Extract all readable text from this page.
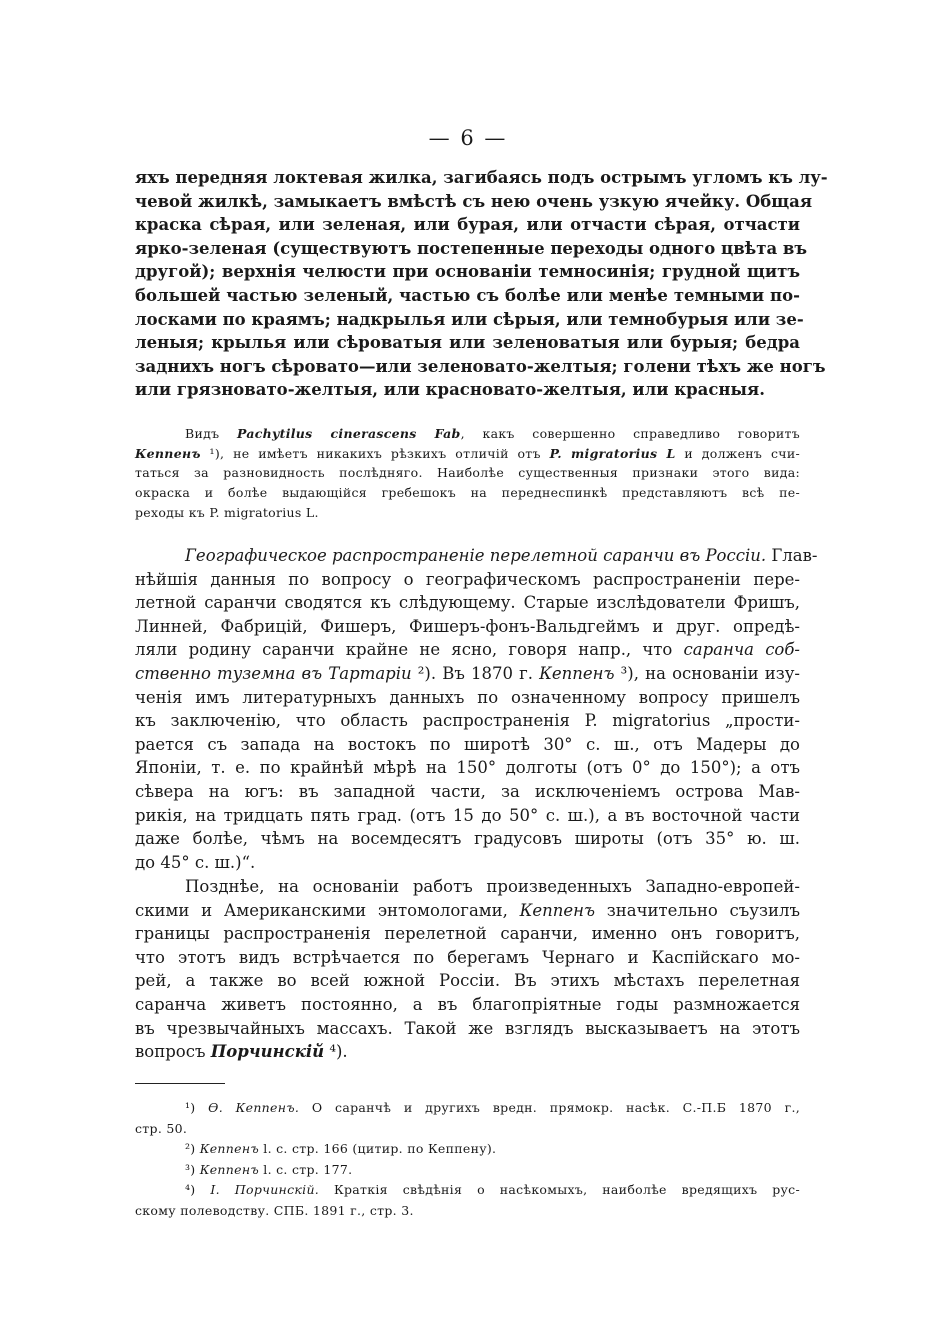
— 6 —
яхъ передняя локтевая жилка, загибаясь подъ острымъ угломъ къ лу-
чевой жилкѣ, замыкаетъ вмѣстѣ съ нею очень узкую ячейку. Общая
краска сѣрая, или зеленая, или бурая, или отчасти сѣрая, отчасти
ярко-зеленая (существуютъ постепенные переходы одного цвѣта въ
другой); верхнія челюсти при основаніи темносинія; грудной щитъ
большей частью зеленый, частью съ болѣе или менѣе темными по-
лосками по краямъ; надкрылья или сѣрыя, или темнобурыя или зе-
леныя; крылья или сѣроватыя или зеленоватыя или бурыя; бедра
заднихъ ногъ сѣровато—или зеленовато-желтыя; голени тѣхъ же ногъ
или грязновато-желтыя, или красновато-желтыя, или красныя.
Видъ Pachytilus cinerascens Fab, какъ совершенно справедливо говоритъ
Кеппенъ ¹), не имѣетъ никакихъ рѣзкихъ отличій отъ P. migratorius L и долженъ счи-
таться за разновидность послѣдняго. Наиболѣе существенныя признаки этого вида:
окраска и болѣе выдающійся гребешокъ на переднеспинкѣ представляютъ всѣ пе-
реходы къ P. migratorius L.
Географическое распространеніе перелетной саранчи въ Россіи. Глав-
нѣйшія данныя по вопросу о географическомъ распространеніи пере-
летной саранчи сводятся къ слѣдующему. Старые изслѣдователи Фришъ,
Линней, Фабрицій, Фишеръ, Фишеръ-фонъ-Вальдгеймъ и друг. опредѣ-
ляли родину саранчи крайне не ясно, говоря напр., что саранча соб-
ственно туземна въ Тартаріи ²). Въ 1870 г. Кеппенъ ³), на основаніи изу-
ченія имъ литературныхъ данныхъ по означенному вопросу пришелъ
къ заключенію, что область распространенія P. migratorius „прости-
рается съ запада на востокъ по широтѣ 30° с. ш., отъ Мадеры до
Японіи, т. е. по крайнѣй мѣрѣ на 150° долготы (отъ 0° до 150°); а отъ
сѣвера на югъ: въ западной части, за исключеніемъ острова Мав-
рикія, на тридцать пять град. (отъ 15 до 50° с. ш.), а въ восточной части
даже болѣе, чѣмъ на восемдесятъ градусовъ широты (отъ 35° ю. ш.
до 45° с. ш.)“.
Позднѣе, на основаніи работъ произведенныхъ Западно-европей-
скими и Американскими энтомологами, Кеппенъ значительно съузилъ
границы распространенія перелетной саранчи, именно онъ говоритъ,
что этотъ видъ встрѣчается по берегамъ Чернаго и Каспійскаго мо-
рей, а также во всей южной Россіи. Въ этихъ мѣстахъ перелетная
саранча живетъ постоянно, а въ благопріятные годы размножается
въ чрезвычайныхъ массахъ. Такой же взглядъ высказываетъ на этотъ
вопросъ Порчинскій ⁴).
¹) Ѳ. Кеппенъ. О саранчѣ и другихъ вредн. прямокр. насѣк. С.-П.Б 1870 г.,
стр. 50.
²) Кеппенъ l. c. стр. 166 (цитир. по Кеппену).
³) Кеппенъ l. c. стр. 177.
⁴) І. Порчинскій. Краткія свѣдѣнія о насѣкомыхъ, наиболѣе вредящихъ рус-
скому полеводству. СПБ. 1891 г., стр. 3.
